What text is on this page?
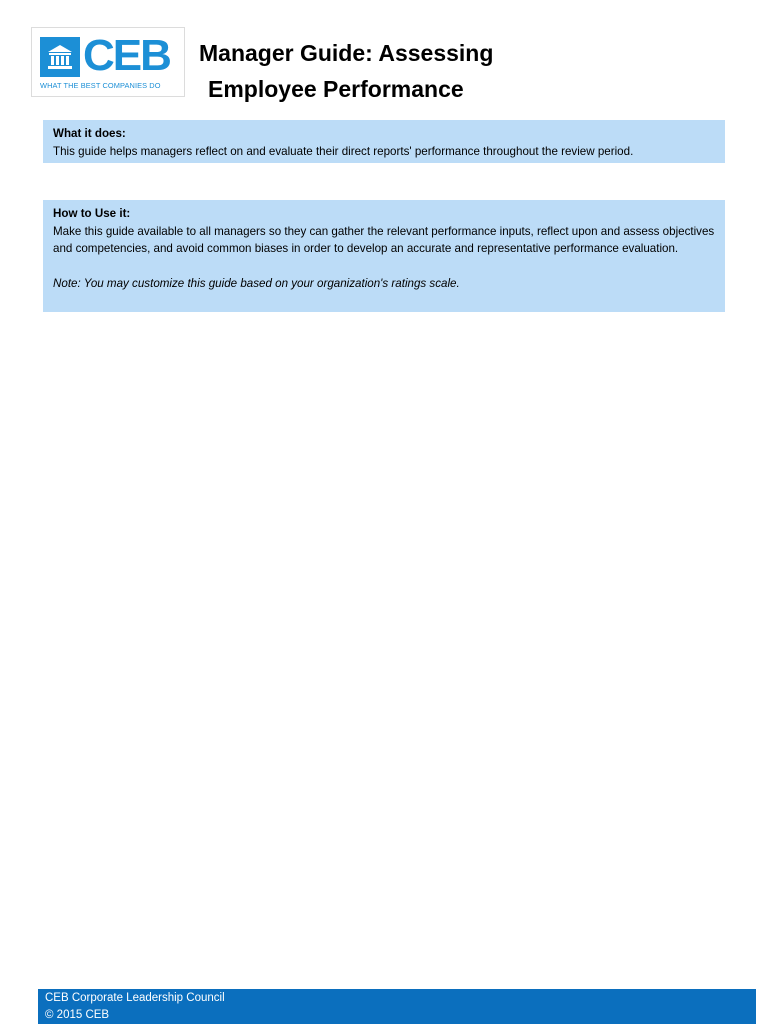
CEB
WHAT THE BEST COMPANIES DO
Manager Guide: Assessing
Employee Performance
What it does:
This guide helps managers reflect on and evaluate their direct reports' performance throughout the review period.
How to Use it:
Make this guide available to all managers so they can gather the relevant performance inputs, reflect upon and assess objectives and competencies, and avoid common biases in order to develop an accurate and representative performance evaluation.
Note: You may customize this guide based on your organization's ratings scale.
CEB Corporate Leadership Council
© 2015 CEB
